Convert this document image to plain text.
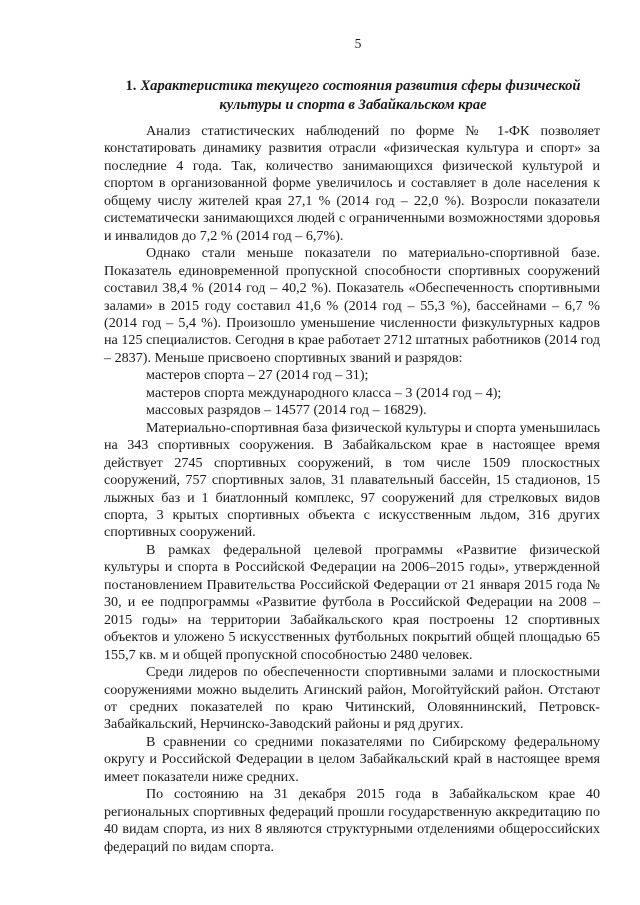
5
1. Характеристика текущего состояния развития сферы физической культуры и спорта в Забайкальском крае

Анализ статистических наблюдений по форме № 1-ФК позволяет констатировать динамику развития отрасли «физическая культура и спорт» за последние 4 года. Так, количество занимающихся физической культурой и спортом в организованной форме увеличилось и составляет в доле населения к общему числу жителей края 27,1 % (2014 год – 22,0 %). Возросли показатели систематически занимающихся людей с ограниченными возможностями здоровья и инвалидов до 7,2 % (2014 год – 6,7%).

Однако стали меньше показатели по материально-спортивной базе. Показатель единовременной пропускной способности спортивных сооружений составил 38,4 % (2014 год – 40,2 %). Показатель «Обеспеченность спортивными залами» в 2015 году составил 41,6 % (2014 год – 55,3 %), бассейнами – 6,7 % (2014 год – 5,4 %). Произошло уменьшение численности физкультурных кадров на 125 специалистов. Сегодня в крае работает 2712 штатных работников (2014 год – 2837). Меньше присвоено спортивных званий и разрядов:

мастеров спорта – 27 (2014 год – 31);

мастеров спорта международного класса – 3 (2014 год – 4);

массовых разрядов – 14577 (2014 год – 16829).

Материально-спортивная база физической культуры и спорта уменьшилась на 343 спортивных сооружения. В Забайкальском крае в настоящее время действует 2745 спортивных сооружений, в том числе 1509 плоскостных сооружений, 757 спортивных залов, 31 плавательный бассейн, 15 стадионов, 15 лыжных баз и 1 биатлонный комплекс, 97 сооружений для стрелковых видов спорта, 3 крытых спортивных объекта с искусственным льдом, 316 других спортивных сооружений.

В рамках федеральной целевой программы «Развитие физической культуры и спорта в Российской Федерации на 2006–2015 годы», утвержденной постановлением Правительства Российской Федерации от 21 января 2015 года № 30, и ее подпрограммы «Развитие футбола в Российской Федерации на 2008 – 2015 годы» на территории Забайкальского края построены 12 спортивных объектов и уложено 5 искусственных футбольных покрытий общей площадью 65 155,7 кв. м и общей пропускной способностью 2480 человек.

Среди лидеров по обеспеченности спортивными залами и плоскостными сооружениями можно выделить Агинский район, Могойтуйский район. Отстают от средних показателей по краю Читинский, Оловяннинский, Петровск-Забайкальский, Нерчинско-Заводский районы и ряд других.

В сравнении со средними показателями по Сибирскому федеральному округу и Российской Федерации в целом Забайкальский край в настоящее время имеет показатели ниже средних.

По состоянию на 31 декабря 2015 года в Забайкальском крае 40 региональных спортивных федераций прошли государственную аккредитацию по 40 видам спорта, из них 8 являются структурными отделениями общероссийских федераций по видам спорта.
